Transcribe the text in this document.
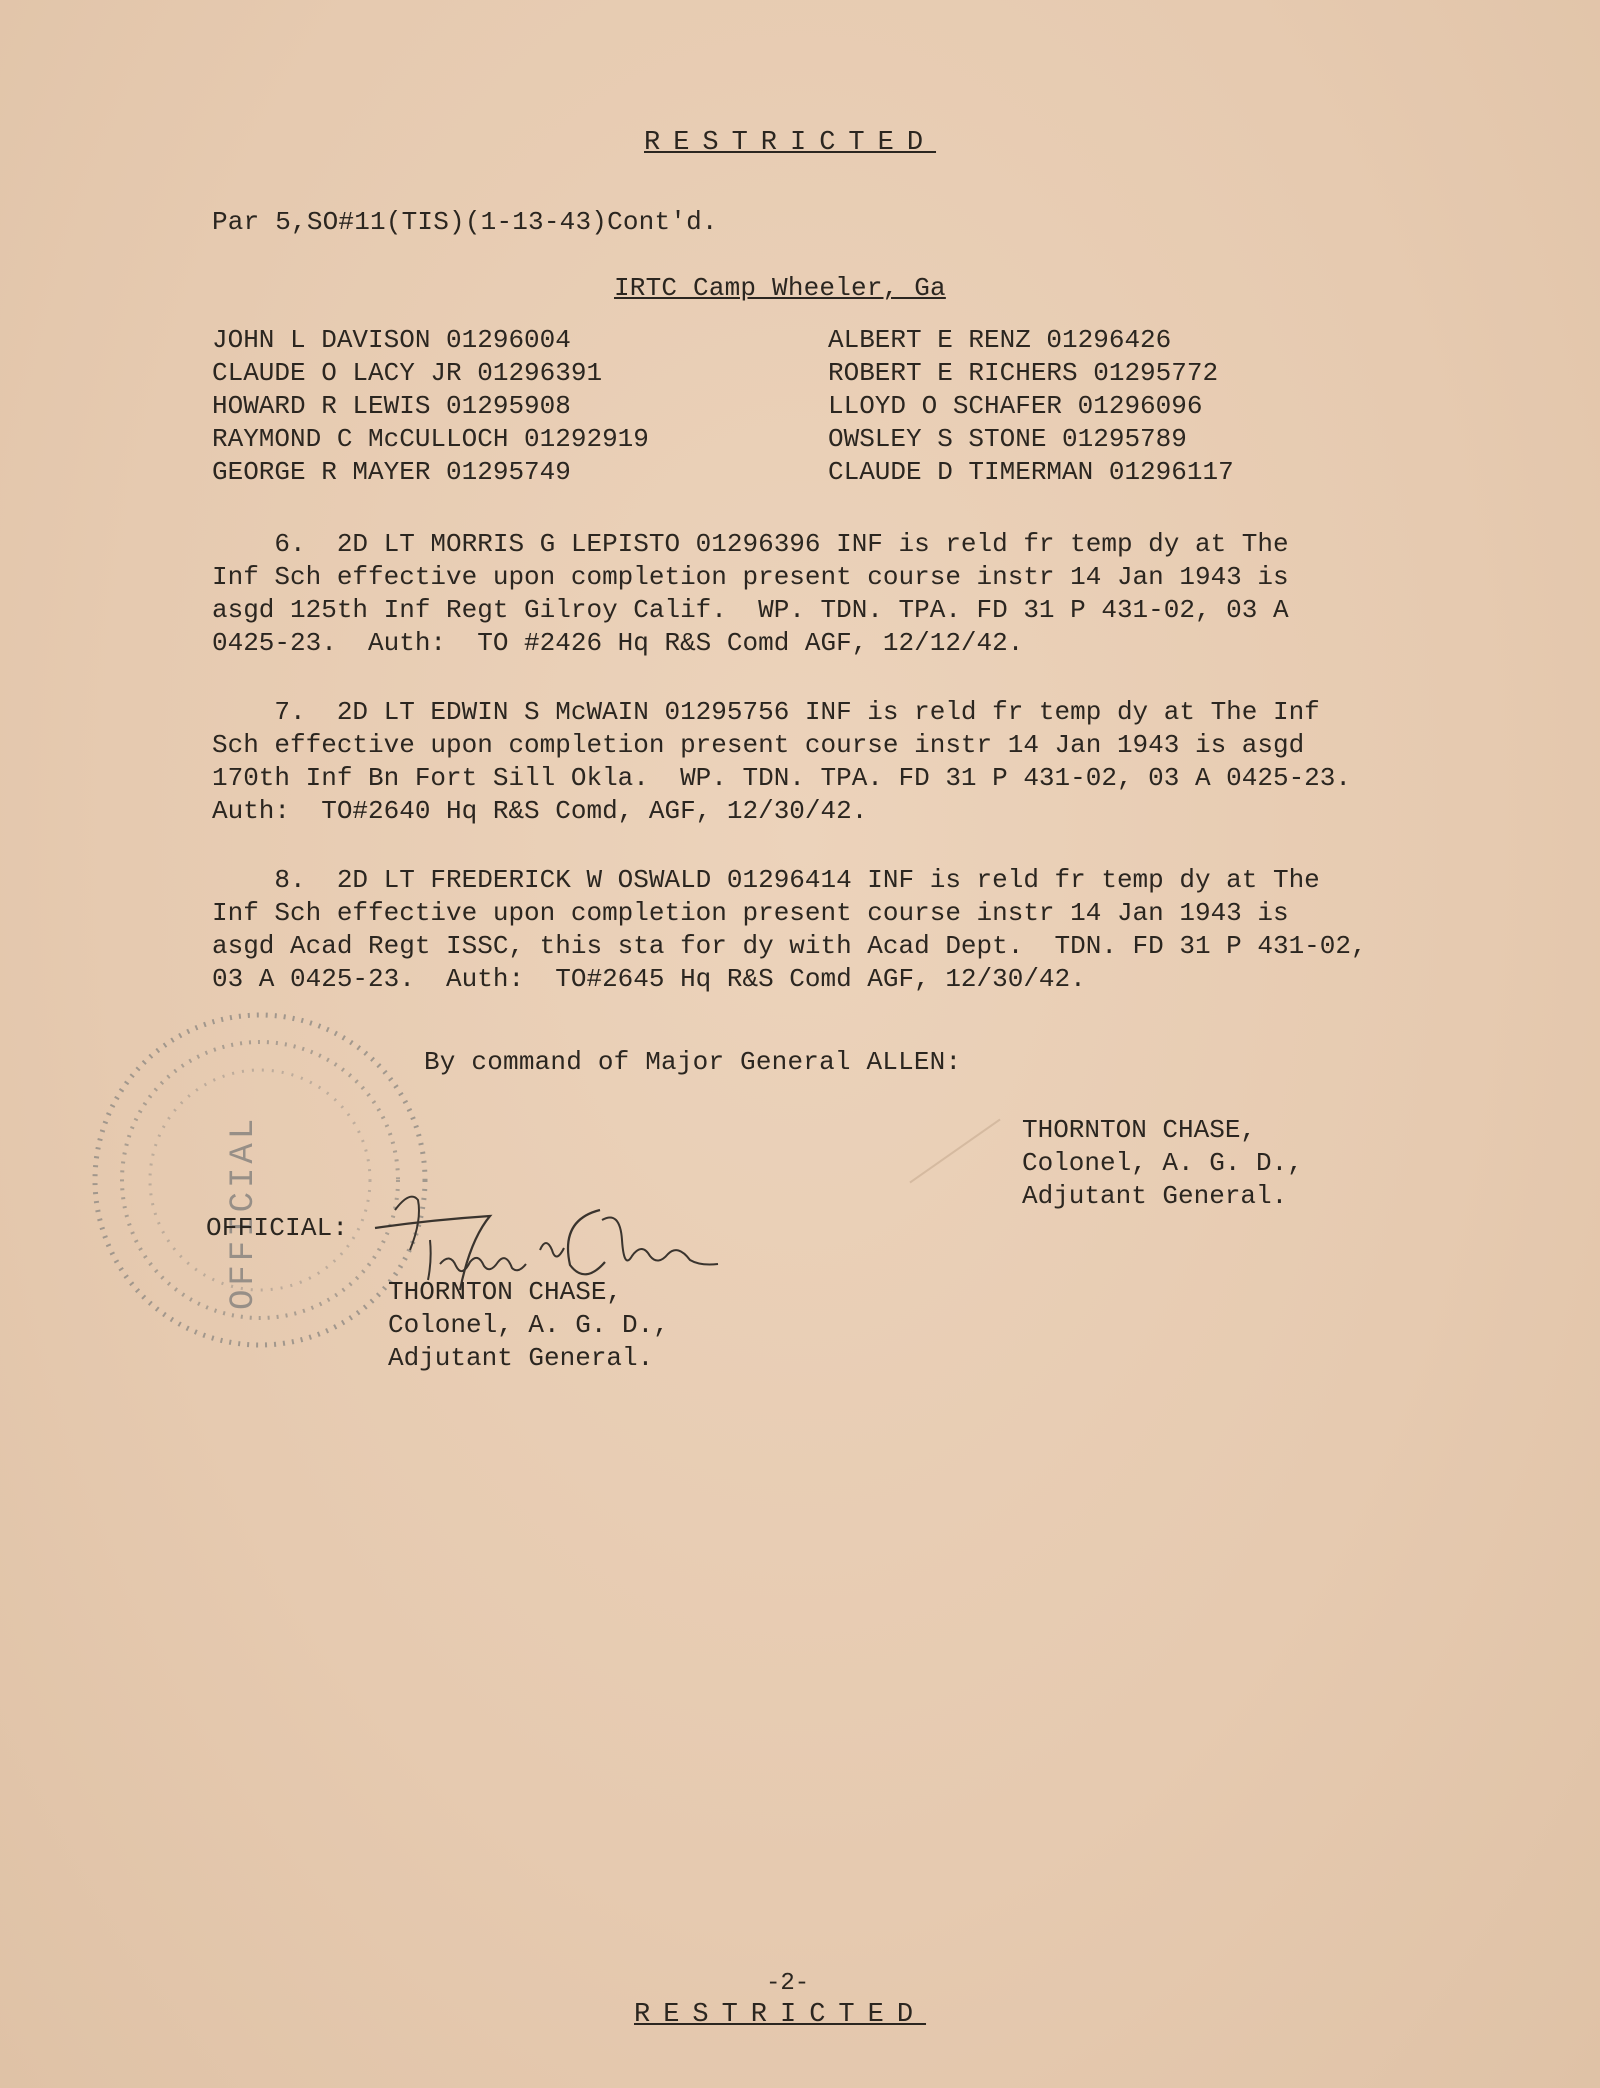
RESTRICTED
Par 5,SO#11(TIS)(1-13-43)Cont'd.
IRTC Camp Wheeler, Ga
JOHN L DAVISON 01296004
CLAUDE O LACY JR 01296391
HOWARD R LEWIS 01295908
RAYMOND C McCULLOCH 01292919
GEORGE R MAYER 01295749
ALBERT E RENZ 01296426
ROBERT E RICHERS 01295772
LLOYD O SCHAFER 01296096
OWSLEY S STONE 01295789
CLAUDE D TIMERMAN 01296117
6.  2D LT MORRIS G LEPISTO 01296396 INF is reld fr temp dy at The
Inf Sch effective upon completion present course instr 14 Jan 1943 is
asgd 125th Inf Regt Gilroy Calif.  WP. TDN. TPA. FD 31 P 431-02, 03 A
0425-23.  Auth:  TO #2426 Hq R&S Comd AGF, 12/12/42.
7.  2D LT EDWIN S McWAIN 01295756 INF is reld fr temp dy at The Inf
Sch effective upon completion present course instr 14 Jan 1943 is asgd
170th Inf Bn Fort Sill Okla.  WP. TDN. TPA. FD 31 P 431-02, 03 A 0425-23.
Auth:  TO#2640 Hq R&S Comd, AGF, 12/30/42.
8.  2D LT FREDERICK W OSWALD 01296414 INF is reld fr temp dy at The
Inf Sch effective upon completion present course instr 14 Jan 1943 is
asgd Acad Regt ISSC, this sta for dy with Acad Dept.  TDN. FD 31 P 431-02,
03 A 0425-23.  Auth:  TO#2645 Hq R&S Comd AGF, 12/30/42.
OFFICIAL
By command of Major General ALLEN:
THORNTON CHASE,
Colonel, A. G. D.,
Adjutant General.
OFFICIAL:
THORNTON CHASE,
Colonel, A. G. D.,
Adjutant General.
-2-
RESTRICTED
